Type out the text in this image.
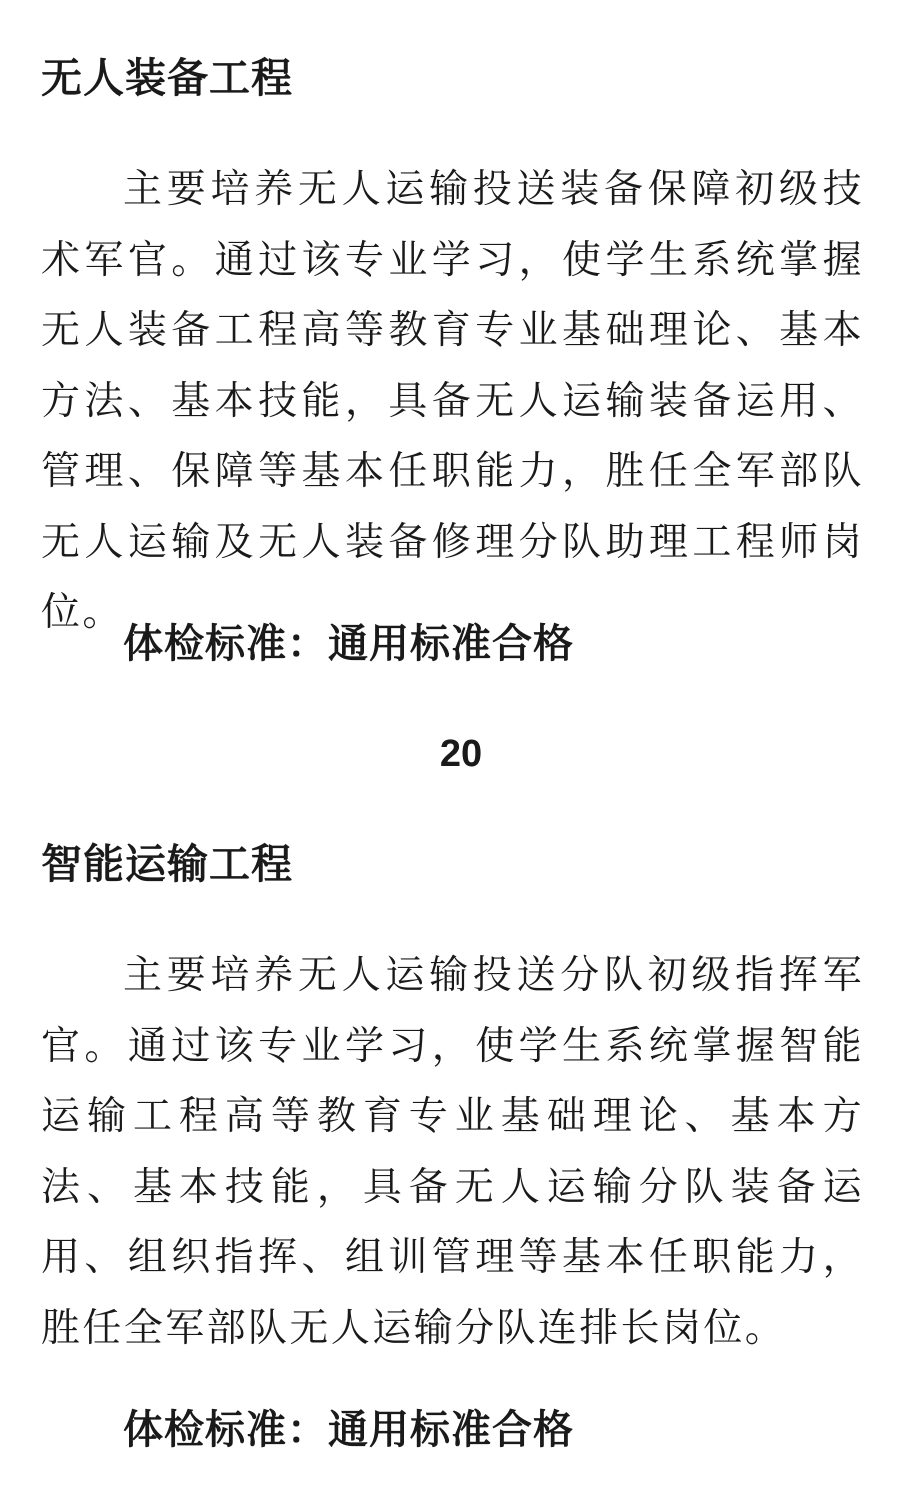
无人装备工程

主要培养无人运输投送装备保障初级技术军官。通过该专业学习，使学生系统掌握无人装备工程高等教育专业基础理论、基本方法、基本技能，具备无人运输装备运用、管理、保障等基本任职能力，胜任全军部队无人运输及无人装备修理分队助理工程师岗位。

体检标准：通用标准合格
20
智能运输工程

主要培养无人运输投送分队初级指挥军官。通过该专业学习，使学生系统掌握智能运输工程高等教育专业基础理论、基本方法、基本技能，具备无人运输分队装备运用、组织指挥、组训管理等基本任职能力，胜任全军部队无人运输分队连排长岗位。

体检标准：通用标准合格
